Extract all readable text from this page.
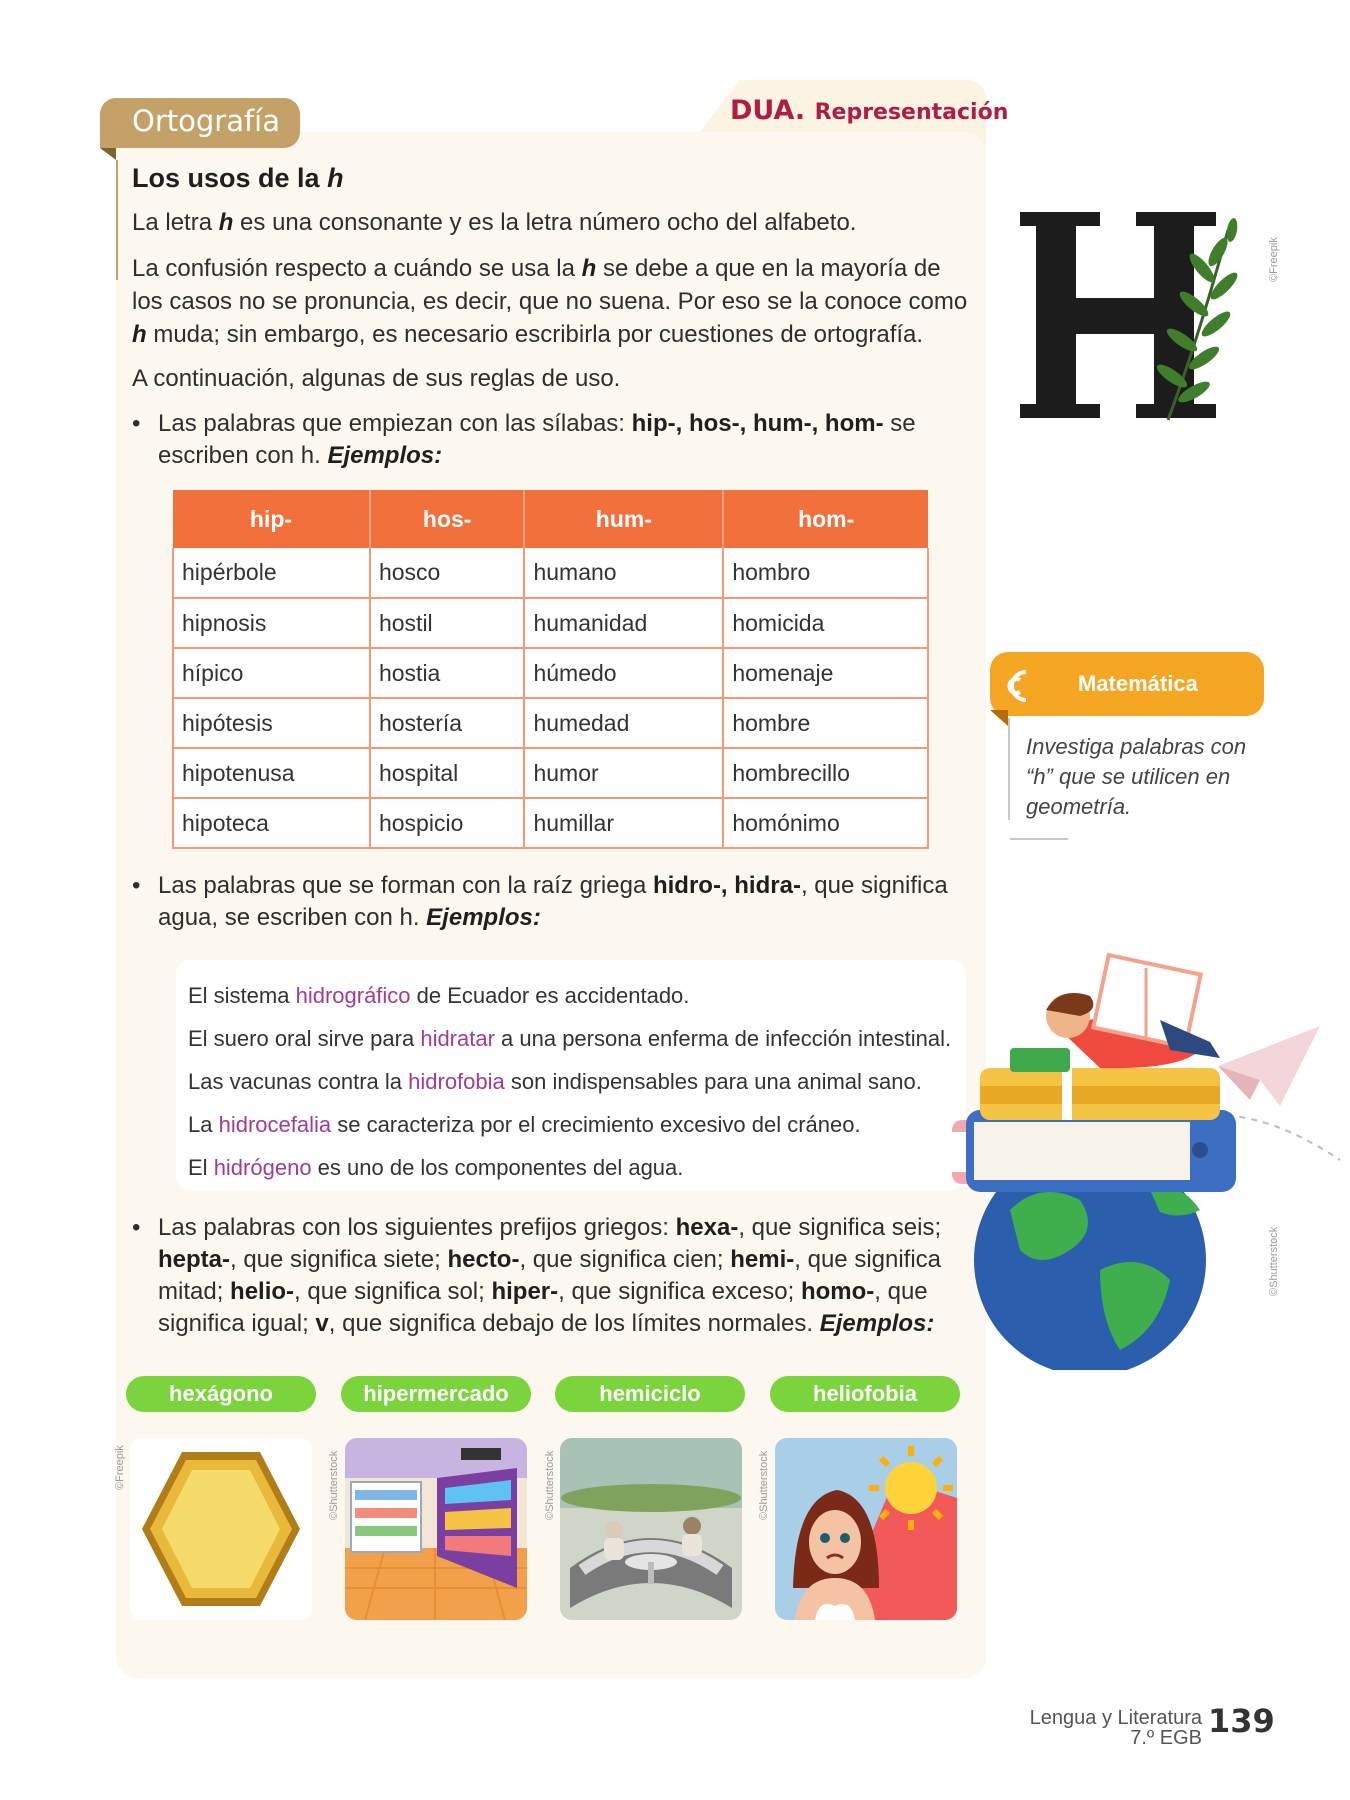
DUA. Representación
Ortografía
Los usos de la h
La letra h es una consonante y es la letra número ocho del alfabeto.
La confusión respecto a cuándo se usa la h se debe a que en la mayoría de los casos no se pronuncia, es decir, que no suena. Por eso se la conoce como h muda; sin embargo, es necesario escribirla por cuestiones de ortografía.
A continuación, algunas de sus reglas de uso.
• Las palabras que empiezan con las sílabas: hip-, hos-, hum-, hom- se escriben con h. Ejemplos:
hip-	hos-	hum-	hom-
hipérbole	hosco	humano	hombro
hipnosis	hostil	humanidad	homicida
hípico	hostia	húmedo	homenaje
hipótesis	hostería	humedad	hombre
hipotenusa	hospital	humor	hombrecillo
hipoteca	hospicio	humillar	homónimo
• Las palabras que se forman con la raíz griega hidro-, hidra-, que significa agua, se escriben con h. Ejemplos:
El sistema hidrográfico de Ecuador es accidentado.
El suero oral sirve para hidratar a una persona enferma de infección intestinal.
Las vacunas contra la hidrofobia son indispensables para una animal sano.
La hidrocefalia se caracteriza por el crecimiento excesivo del cráneo.
El hidrógeno es uno de los componentes del agua.
• Las palabras con los siguientes prefijos griegos: hexa-, que significa seis; hepta-, que significa siete; hecto-, que significa cien; hemi-, que significa mitad; helio-, que significa sol; hiper-, que significa exceso; homo-, que significa igual; v, que significa debajo de los límites normales. Ejemplos:
hexágono	hipermercado	hemiciclo	heliofobia
©Freepik	©Shutterstock	©Shutterstock	©Shutterstock
©Freepik
©Shutterstock
Matemática
Investiga palabras con “h” que se utilicen en geometría.
Lengua y Literatura
7.º EGB 139
